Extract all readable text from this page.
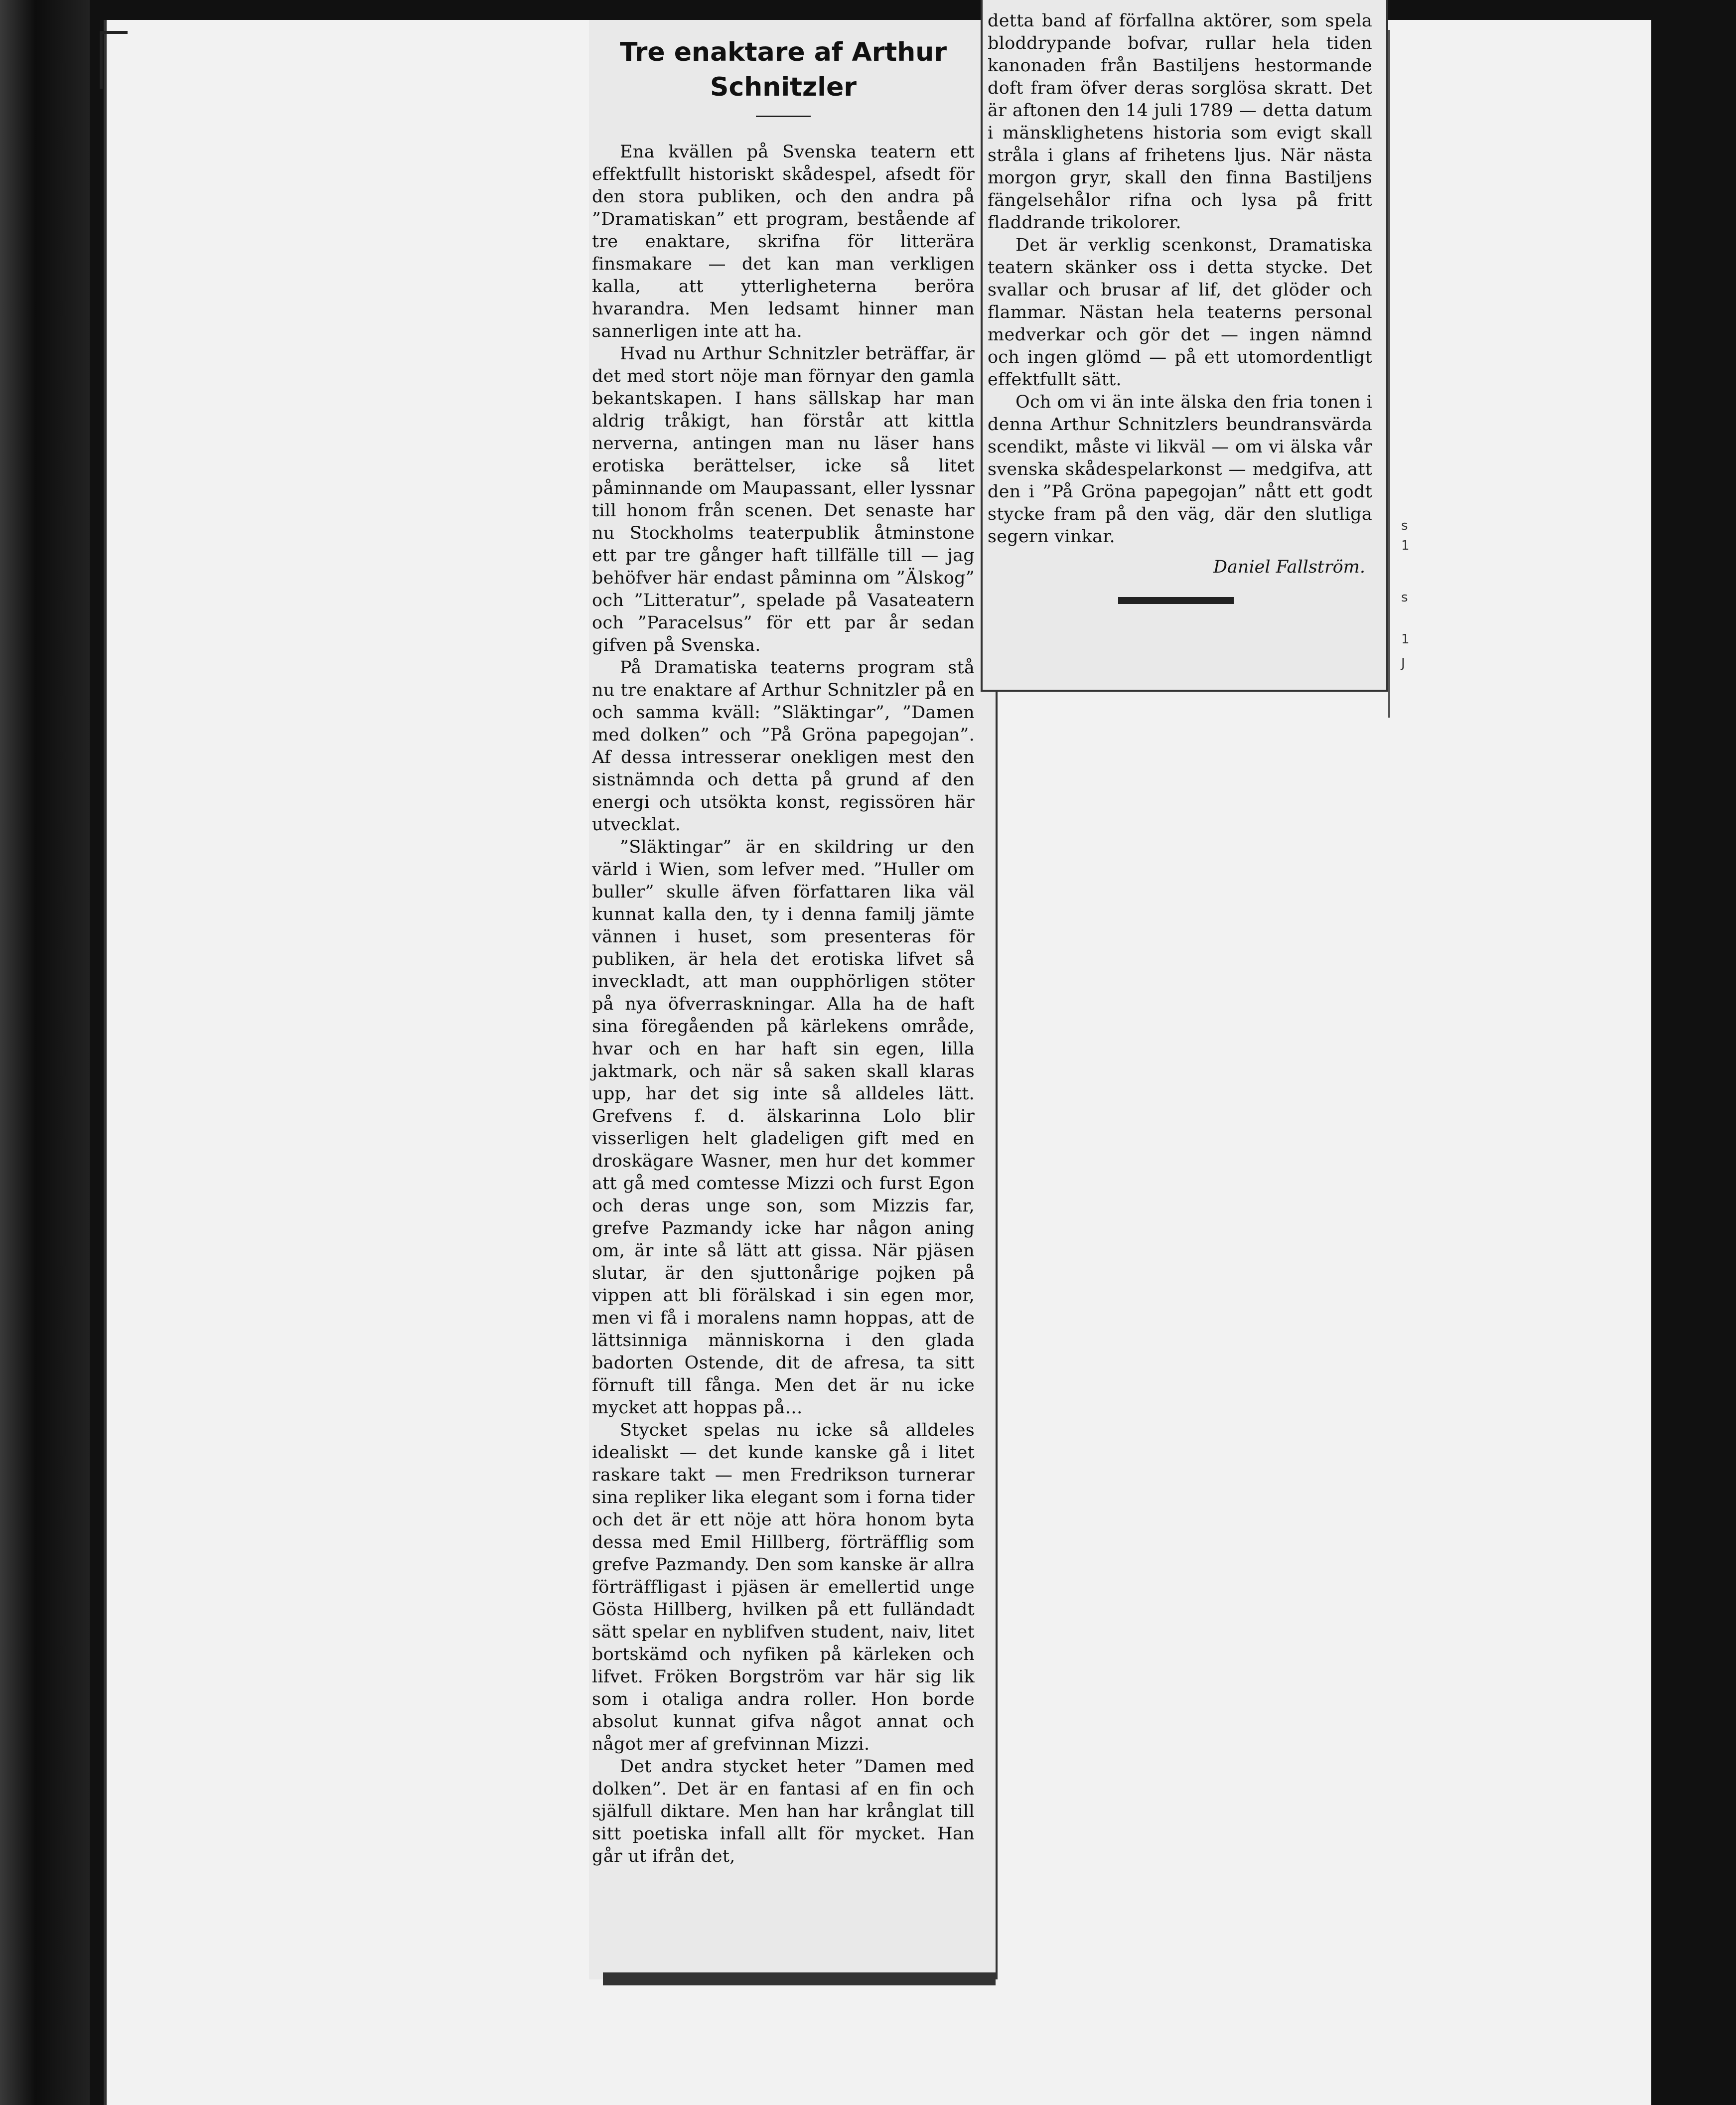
Tre enaktare af Arthur Schnitzler

Ena kvällen på Svenska teatern ett effektfullt historiskt skådespel, afsedt för den stora publiken, och den andra på ”Dramatiskan” ett program, bestående af tre enaktare, skrifna för litterära finsmakare — det kan man verkligen kalla, att ytterligheterna beröra hvarandra. Men ledsamt hinner man sannerligen inte att ha.

Hvad nu Arthur Schnitzler beträffar, är det med stort nöje man förnyar den gamla bekantskapen. I hans sällskap har man aldrig tråkigt, han förstår att kittla nerverna, antingen man nu läser hans erotiska berättelser, icke så litet påminnande om Maupassant, eller lyssnar till honom från scenen. Det senaste har nu Stockholms teaterpublik åtminstone ett par tre gånger haft tillfälle till — jag behöfver här endast påminna om ”Älskog” och ”Litteratur”, spelade på Vasateatern och ”Paracelsus” för ett par år sedan gifven på Svenska.

På Dramatiska teaterns program stå nu tre enaktare af Arthur Schnitzler på en och samma kväll: ”Släktingar”, ”Damen med dolken” och ”På Gröna papegojan”. Af dessa intresserar onekligen mest den sistnämnda och detta på grund af den energi och utsökta konst, regissören här utvecklat.

”Släktingar” är en skildring ur den värld i Wien, som lefver med. ”Huller om buller” skulle äfven författaren lika väl kunnat kalla den, ty i denna familj jämte vännen i huset, som presenteras för publiken, är hela det erotiska lifvet så inveckladt, att man oupphörligen stöter på nya öfverraskningar. Alla ha de haft sina föregåenden på kärlekens område, hvar och en har haft sin egen, lilla jaktmark, och när så saken skall klaras upp, har det sig inte så alldeles lätt. Grefvens f. d. älskarinna Lolo blir visserligen helt gladeligen gift med en droskägare Wasner, men hur det kommer att gå med comtesse Mizzi och furst Egon och deras unge son, som Mizzis far, grefve Pazmandy icke har någon aning om, är inte så lätt att gissa. När pjäsen slutar, är den sjuttonårige pojken på vippen att bli förälskad i sin egen mor, men vi få i moralens namn hoppas, att de lättsinniga människorna i den glada badorten Ostende, dit de afresa, ta sitt förnuft till fånga. Men det är nu icke mycket att hoppas på…

Stycket spelas nu icke så alldeles idealiskt — det kunde kanske gå i litet raskare takt — men Fredrikson turnerar sina repliker lika elegant som i forna tider och det är ett nöje att höra honom byta dessa med Emil Hillberg, förträfflig som grefve Pazmandy. Den som kanske är allra förträffligast i pjäsen är emellertid unge Gösta Hillberg, hvilken på ett fulländadt sätt spelar en nyblifven student, naiv, litet bortskämd och nyfiken på kärleken och lifvet. Fröken Borgström var här sig lik som i otaliga andra roller. Hon borde absolut kunnat gifva något annat och något mer af grefvinnan Mizzi.

Det andra stycket heter ”Damen med dolken”. Det är en fantasi af en fin och själfull diktare. Men han har krånglat till sitt poetiska infall allt för mycket. Han går ut ifrån det,

detta band af förfallna aktörer, som spela bloddrypande bofvar, rullar hela tiden kanonaden från Bastiljens hestormande doft fram öfver deras sorglösa skratt. Det är aftonen den 14 juli 1789 — detta datum i mänsklighetens historia som evigt skall stråla i glans af frihetens ljus. När nästa morgon gryr, skall den finna Bastiljens fängelsehålor rifna och lysa på fritt fladdrande trikolorer.

Det är verklig scenkonst, Dramatiska teatern skänker oss i detta stycke. Det svallar och brusar af lif, det glöder och flammar. Nästan hela teaterns personal medverkar och gör det — ingen nämnd och ingen glömd — på ett utomordentligt effektfullt sätt.

Och om vi än inte älska den fria tonen i denna Arthur Schnitzlers beundransvärda scendikt, måste vi likväl — om vi älska vår svenska skådespelarkonst — medgifva, att den i ”På Gröna papegojan” nått ett godt stycke fram på den väg, där den slutliga segern vinkar.

Daniel Fallström.
s
1
s
1
J
